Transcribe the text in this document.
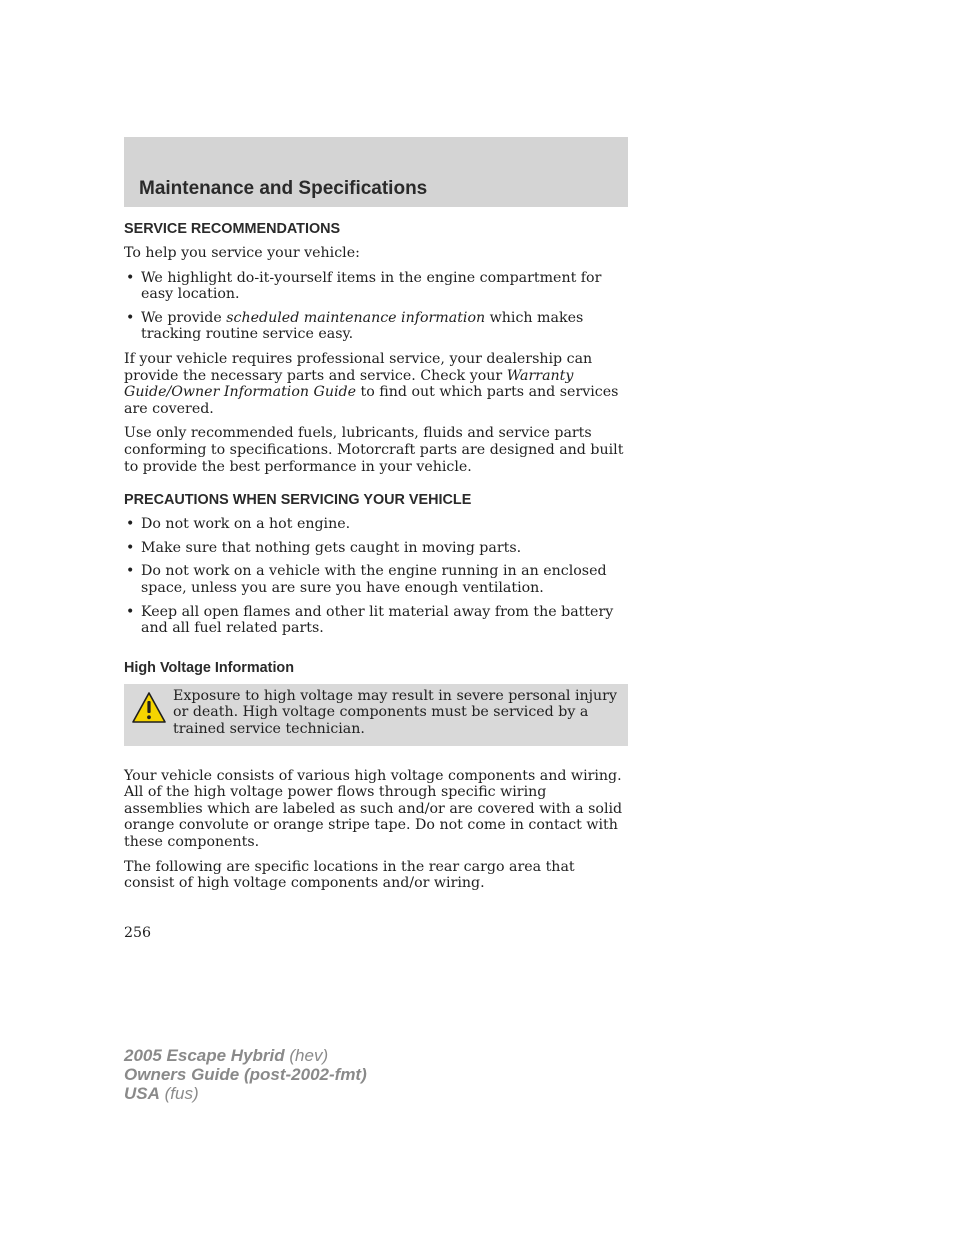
Maintenance and Specifications
SERVICE RECOMMENDATIONS

To help you service your vehicle:

• We highlight do-it-yourself items in the engine compartment for easy location.
• We provide scheduled maintenance information which makes tracking routine service easy.

If your vehicle requires professional service, your dealership can provide the necessary parts and service. Check your Warranty Guide/Owner Information Guide to find out which parts and services are covered.

Use only recommended fuels, lubricants, fluids and service parts conforming to specifications. Motorcraft parts are designed and built to provide the best performance in your vehicle.

PRECAUTIONS WHEN SERVICING YOUR VEHICLE
• Do not work on a hot engine.
• Make sure that nothing gets caught in moving parts.
• Do not work on a vehicle with the engine running in an enclosed space, unless you are sure you have enough ventilation.
• Keep all open flames and other lit material away from the battery and all fuel related parts.
High Voltage Information
Exposure to high voltage may result in severe personal injury or death. High voltage components must be serviced by a trained service technician.

Your vehicle consists of various high voltage components and wiring. All of the high voltage power flows through specific wiring assemblies which are labeled as such and/or are covered with a solid orange convolute or orange stripe tape. Do not come in contact with these components.

The following are specific locations in the rear cargo area that consist of high voltage components and/or wiring.

256

2005 Escape Hybrid (hev)
Owners Guide (post-2002-fmt)
USA (fus)
